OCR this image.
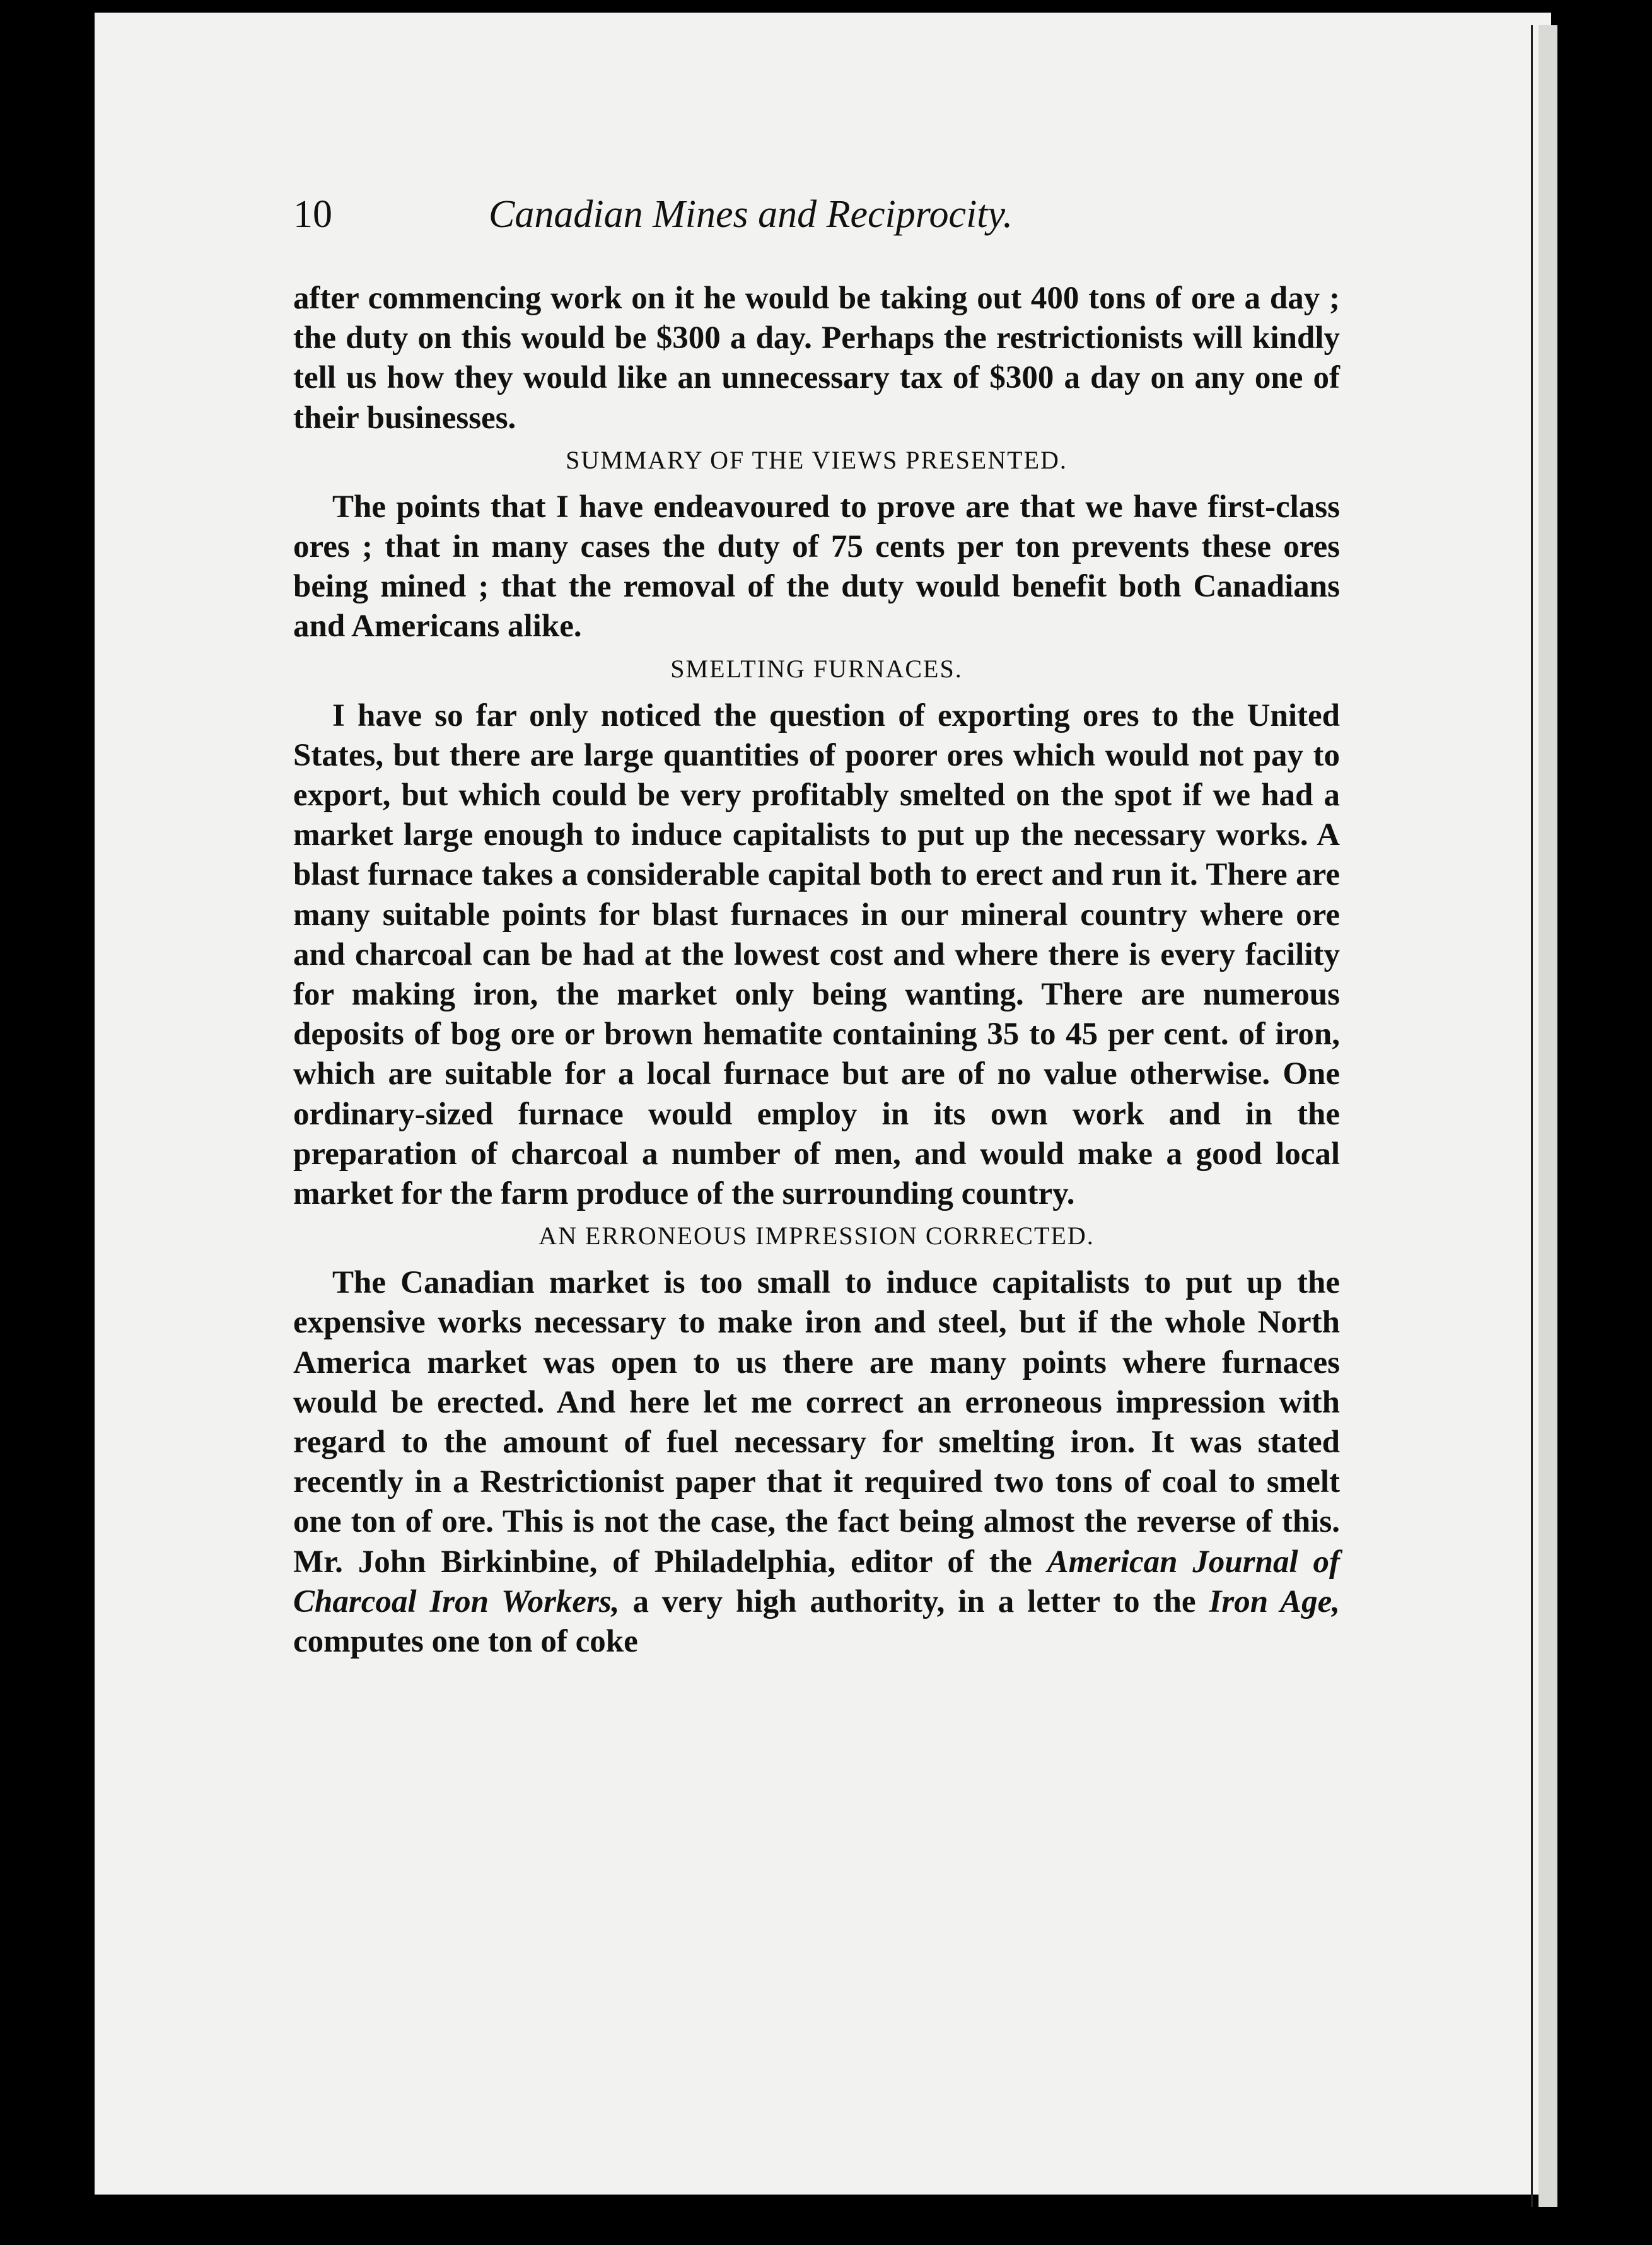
10	Canadian Mines and Reciprocity.

after commencing work on it he would be taking out 400 tons of ore a day ; the duty on this would be $300 a day. Perhaps the restrictionists will kindly tell us how they would like an unnecessary tax of $300 a day on any one of their businesses.

SUMMARY OF THE VIEWS PRESENTED.

The points that I have endeavoured to prove are that we have first-class ores ; that in many cases the duty of 75 cents per ton prevents these ores being mined ; that the removal of the duty would benefit both Canadians and Americans alike.

SMELTING FURNACES.

I have so far only noticed the question of exporting ores to the United States, but there are large quantities of poorer ores which would not pay to export, but which could be very profitably smelted on the spot if we had a market large enough to induce capitalists to put up the necessary works. A blast furnace takes a considerable capital both to erect and run it. There are many suitable points for blast furnaces in our mineral country where ore and charcoal can be had at the lowest cost and where there is every facility for making iron, the market only being wanting. There are numerous deposits of bog ore or brown hematite containing 35 to 45 per cent. of iron, which are suitable for a local furnace but are of no value otherwise. One ordinary-sized furnace would employ in its own work and in the preparation of charcoal a number of men, and would make a good local market for the farm produce of the surrounding country.

AN ERRONEOUS IMPRESSION CORRECTED.

The Canadian market is too small to induce capitalists to put up the expensive works necessary to make iron and steel, but if the whole North America market was open to us there are many points where furnaces would be erected. And here let me correct an erroneous impression with regard to the amount of fuel necessary for smelting iron. It was stated recently in a Restrictionist paper that it required two tons of coal to smelt one ton of ore. This is not the case, the fact being almost the reverse of this. Mr. John Birkinbine, of Philadelphia, editor of the American Journal of Charcoal Iron Workers, a very high authority, in a letter to the Iron Age, computes one ton of coke
